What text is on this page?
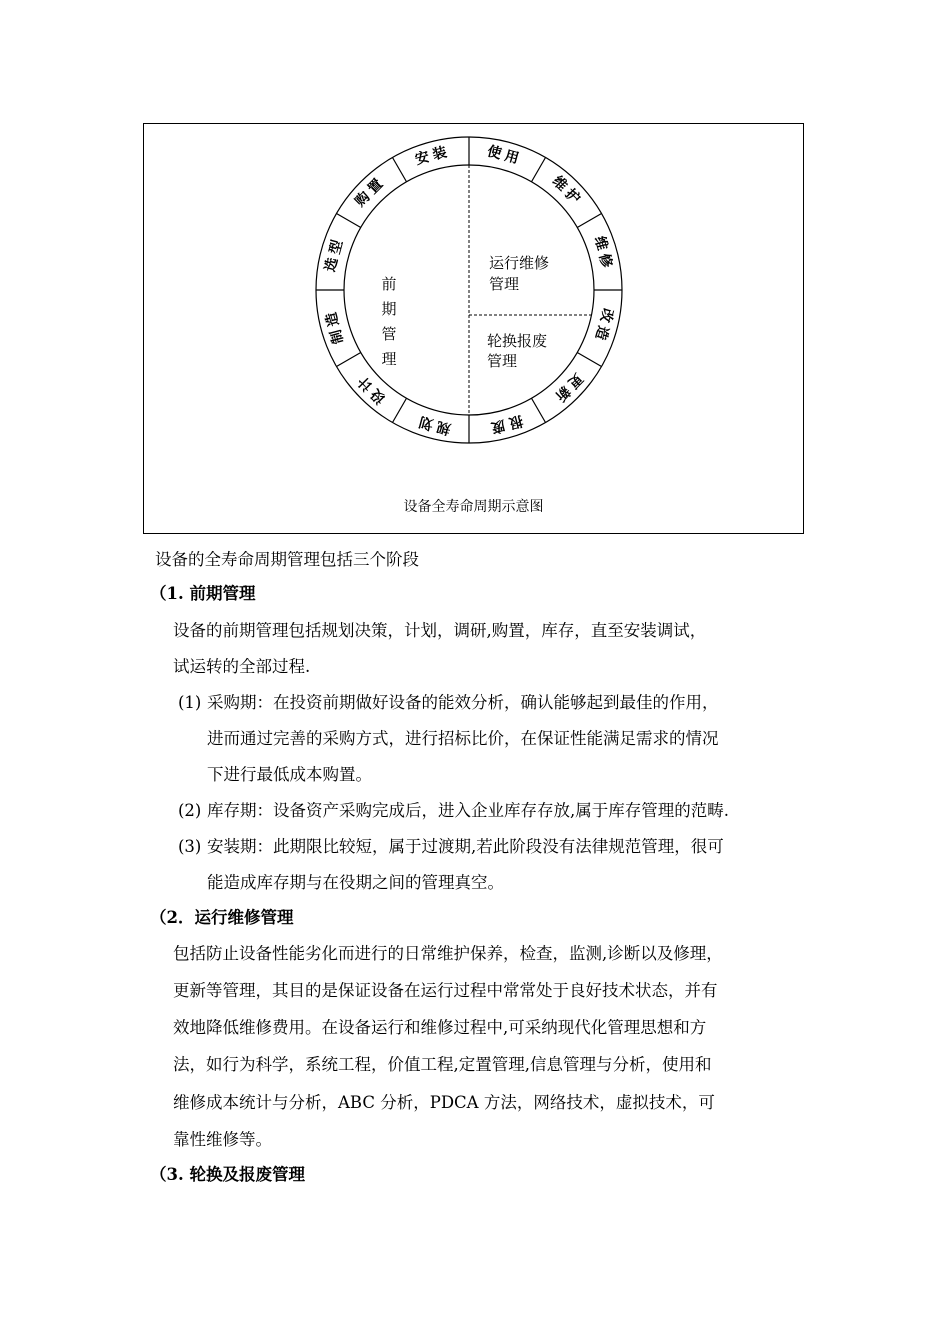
安装 使用
维护
维修
改造
更新
报废
规划
设计
制造
选型
购置
前
期
管
理
运行维修
管理
轮换报废
管理
设备全寿命周期示意图
设备的全寿命周期管理包括三个阶段
（1. 前期管理
设备的前期管理包括规划决策，计划，调研,购置，库存，直至安装调试，
试运转的全部过程.
(1) 采购期：在投资前期做好设备的能效分析，确认能够起到最佳的作用，
进而通过完善的采购方式，进行招标比价，在保证性能满足需求的情况
下进行最低成本购置。
(2) 库存期：设备资产采购完成后，进入企业库存存放,属于库存管理的范畴.
(3) 安装期：此期限比较短，属于过渡期,若此阶段没有法律规范管理，很可
能造成库存期与在役期之间的管理真空。
（2．运行维修管理
包括防止设备性能劣化而进行的日常维护保养，检查，监测,诊断以及修理，
更新等管理，其目的是保证设备在运行过程中常常处于良好技术状态，并有
效地降低维修费用。在设备运行和维修过程中,可采纳现代化管理思想和方
法，如行为科学，系统工程，价值工程,定置管理,信息管理与分析，使用和
维修成本统计与分析，ABC 分析，PDCA 方法，网络技术，虚拟技术，可
靠性维修等。
（3. 轮换及报废管理
